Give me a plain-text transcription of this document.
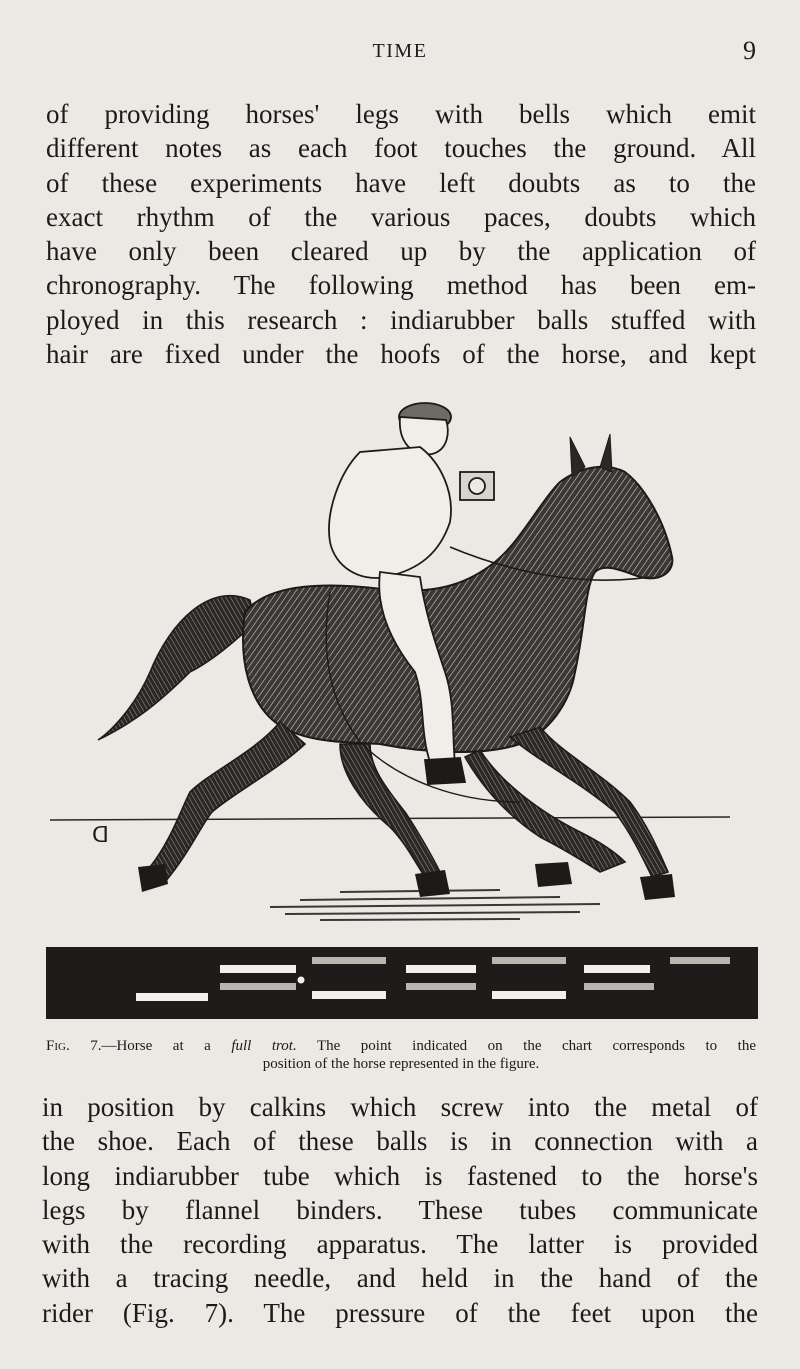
TIME	9
of providing horses' legs with bells which emit
different notes as each foot touches the ground. All
of these experiments have left doubts as to the
exact rhythm of the various paces, doubts which
have only been cleared up by the application of
chronography. The following method has been em-
ployed in this research : indiarubber balls stuffed with
hair are fixed under the hoofs of the horse, and kept
ᗡ
Fig. 7.—Horse at a full trot. The point indicated on the chart corresponds to the
position of the horse represented in the figure.
in position by calkins which screw into the metal of
the shoe. Each of these balls is in connection with a
long indiarubber tube which is fastened to the horse's
legs by flannel binders. These tubes communicate
with the recording apparatus. The latter is provided
with a tracing needle, and held in the hand of the
rider (Fig. 7). The pressure of the feet upon the
